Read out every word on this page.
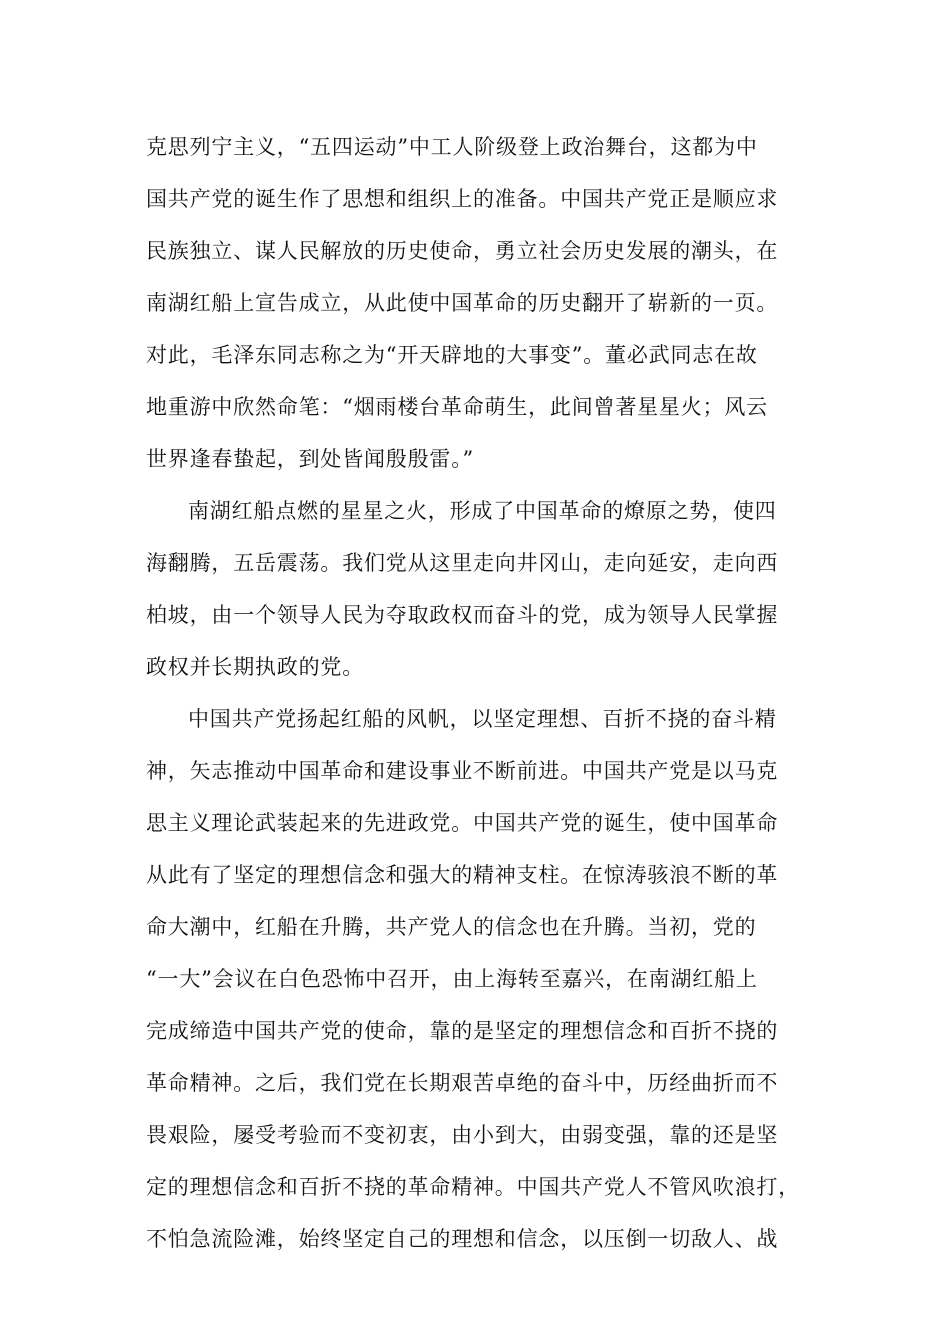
克思列宁主义，“五四运动”中工人阶级登上政治舞台，这都为中
国共产党的诞生作了思想和组织上的准备。中国共产党正是顺应求
民族独立、谋人民解放的历史使命，勇立社会历史发展的潮头，在
南湖红船上宣告成立，从此使中国革命的历史翻开了崭新的一页。
对此，毛泽东同志称之为“开天辟地的大事变”。董必武同志在故
地重游中欣然命笔：“烟雨楼台革命萌生，此间曾著星星火；风云
世界逢春蛰起，到处皆闻殷殷雷。”
南湖红船点燃的星星之火，形成了中国革命的燎原之势，使四
海翻腾，五岳震荡。我们党从这里走向井冈山，走向延安，走向西
柏坡，由一个领导人民为夺取政权而奋斗的党，成为领导人民掌握
政权并长期执政的党。
中国共产党扬起红船的风帆，以坚定理想、百折不挠的奋斗精
神，矢志推动中国革命和建设事业不断前进。中国共产党是以马克
思主义理论武装起来的先进政党。中国共产党的诞生，使中国革命
从此有了坚定的理想信念和强大的精神支柱。在惊涛骇浪不断的革
命大潮中，红船在升腾，共产党人的信念也在升腾。当初，党的
“一大”会议在白色恐怖中召开，由上海转至嘉兴，在南湖红船上
完成缔造中国共产党的使命，靠的是坚定的理想信念和百折不挠的
革命精神。之后，我们党在长期艰苦卓绝的奋斗中，历经曲折而不
畏艰险，屡受考验而不变初衷，由小到大，由弱变强，靠的还是坚
定的理想信念和百折不挠的革命精神。中国共产党人不管风吹浪打，
不怕急流险滩，始终坚定自己的理想和信念，以压倒一切敌人、战
